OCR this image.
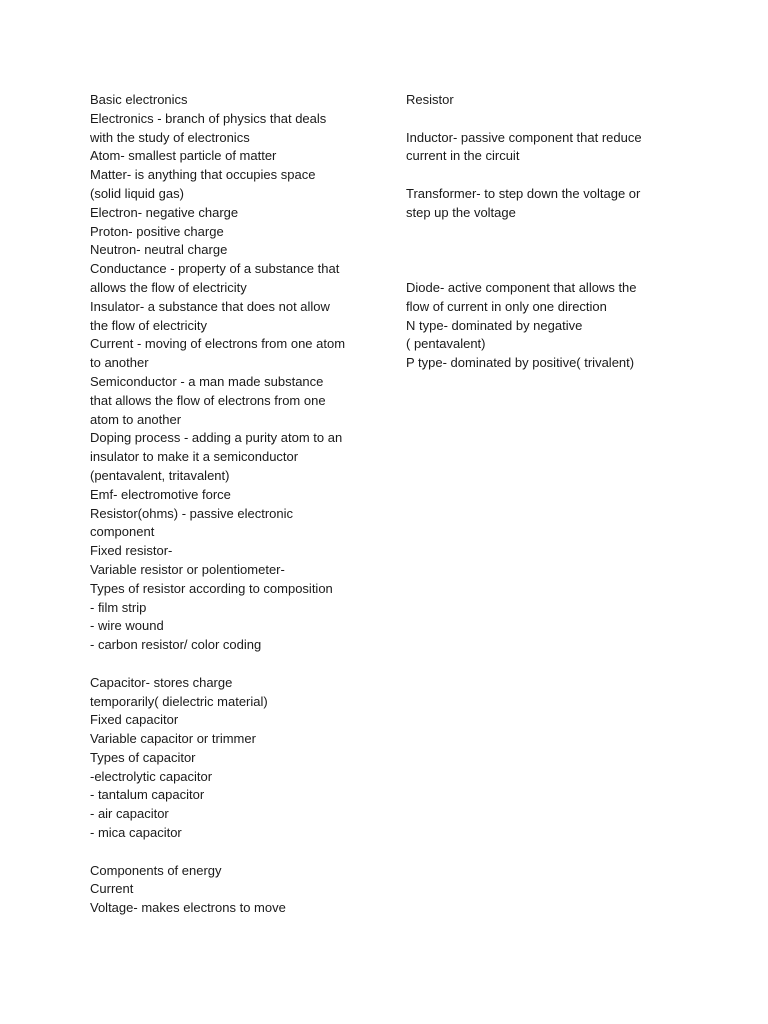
Basic electronics
Electronics - branch of physics that deals
with the study of electronics
Atom- smallest particle of matter
Matter- is anything that occupies space
(solid liquid gas)
Electron- negative charge
Proton- positive charge
Neutron- neutral charge
Conductance - property of a substance that
allows the flow of electricity
Insulator- a substance that does not allow
the flow of electricity
Current - moving of electrons from one atom
to another
Semiconductor - a man made substance
that allows the flow of electrons from one
atom to another
Doping process - adding a purity atom to an
insulator to make it a semiconductor
(pentavalent, tritavalent)
Emf- electromotive force
Resistor(ohms) - passive electronic
component
Fixed resistor-
Variable resistor or polentiometer-
Types of resistor according to composition
- film strip
- wire wound
- carbon resistor/ color coding
Capacitor- stores charge
temporarily( dielectric material)
Fixed capacitor
Variable capacitor or trimmer
Types of capacitor
-electrolytic capacitor
- tantalum capacitor
- air capacitor
- mica capacitor
Components of energy
Current
Voltage- makes electrons to move
Resistor
Inductor- passive component that reduce
current in the circuit
Transformer- to step down the voltage or
step up the voltage
Diode- active component that allows the
flow of current in only one direction
N type- dominated by negative
( pentavalent)
P type- dominated by positive( trivalent)
